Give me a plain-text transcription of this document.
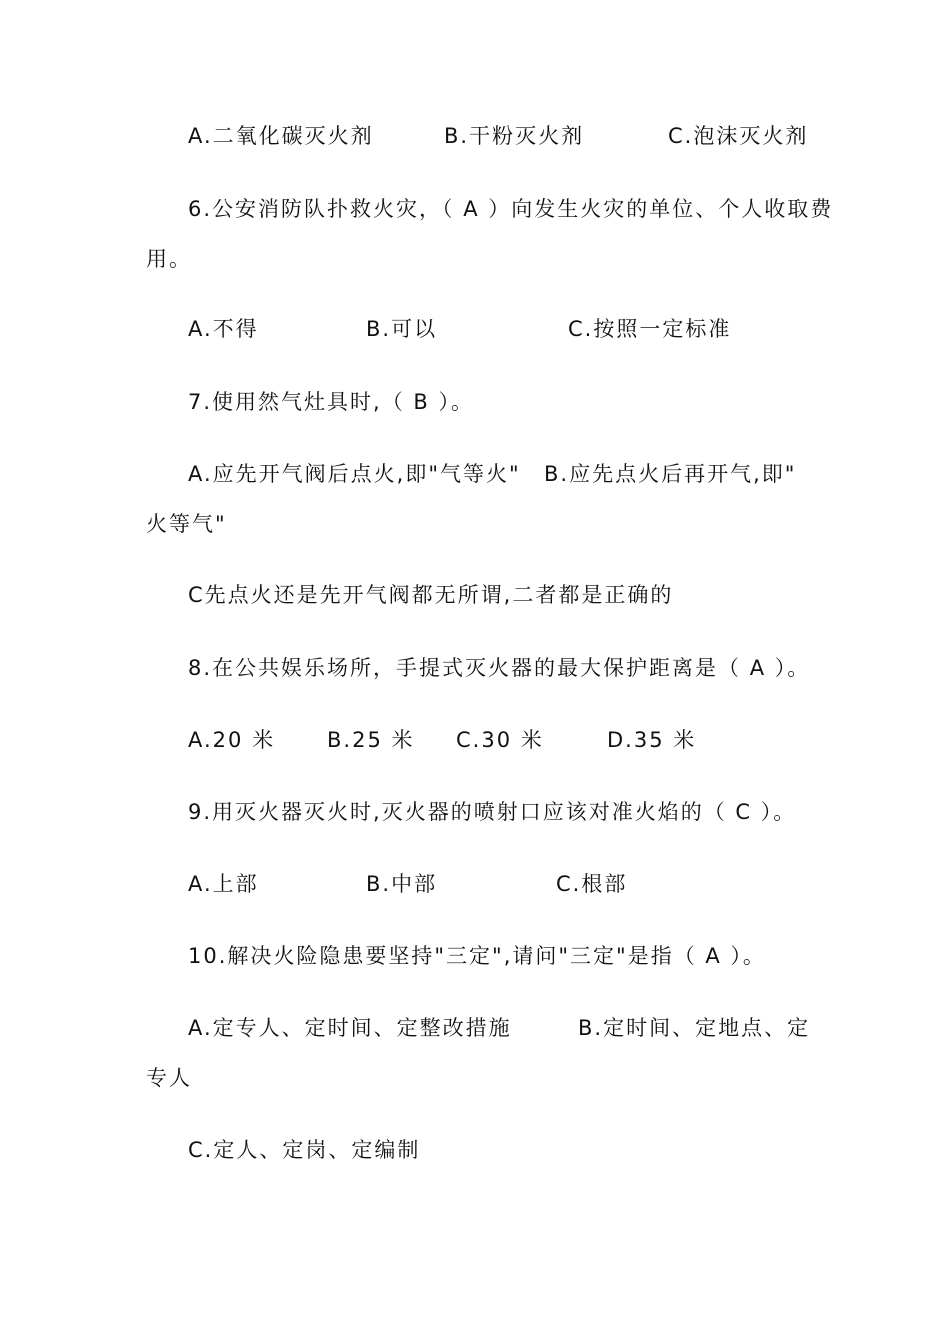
A.二氧化碳灭火剂	B.干粉灭火剂	C.泡沫灭火剂
6.公安消防队扑救火灾，（ A ）向发生火灾的单位、个人收取费
用。
A.不得	B.可以	C.按照一定标准
7.使用然气灶具时,（ B ）。
A.应先开气阀后点火,即"气等火" B.应先点火后再开气,即"
火等气"
C先点火还是先开气阀都无所谓,二者都是正确的
8.在公共娱乐场所，手提式灭火器的最大保护距离是（ A ）。
A.20 米 B.25 米 C.30 米	D.35 米
9.用灭火器灭火时,灭火器的喷射口应该对准火焰的（ C ）。
A.上部	B.中部	C.根部
10.解决火险隐患要坚持"三定",请问"三定"是指（ A ）。
A.定专人、定时间、定整改措施	B.定时间、定地点、定
专人
C.定人、定岗、定编制
